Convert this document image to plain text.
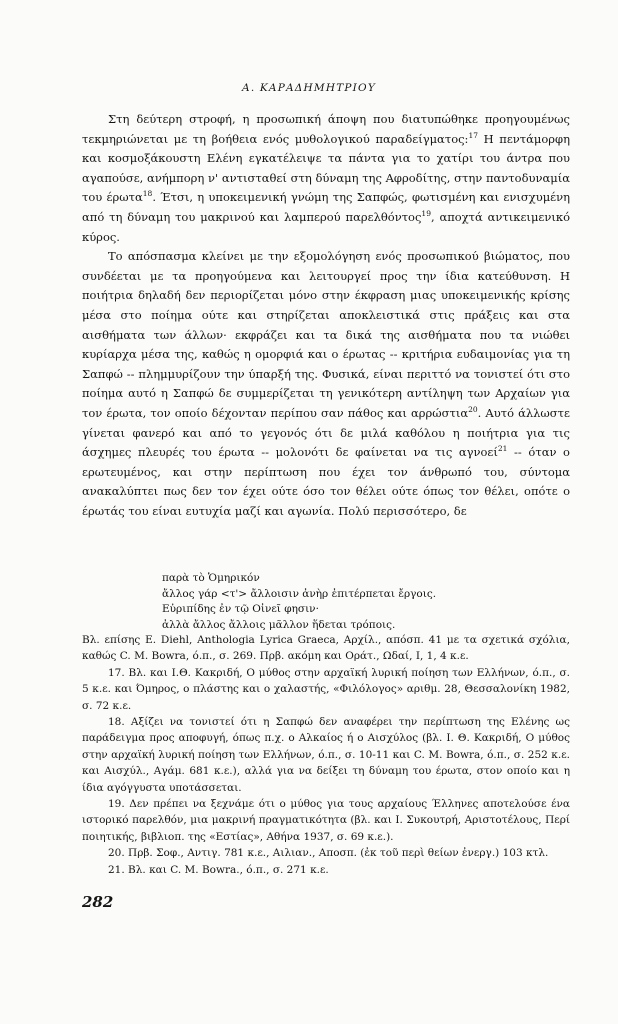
Α. ΚΑΡΑΔΗΜΗΤΡΙΟΥ

Στη δεύτερη στροφή, η προσωπική άποψη που διατυπώθηκε προηγουμένως τεκμηριώνεται με τη βοήθεια ενός μυθολογικού παραδείγματος:$^{17}$ Η πεντάμορφη και κοσμοξάκουστη Ελένη εγκατέλειψε τα πάντα για το χατίρι του άντρα που αγαπούσε, ανήμπορη ν' αντισταθεί στη δύναμη της Αφροδίτης, στην παντοδυναμία του έρωτα$^{18}$. Έτσι, η υποκειμενική γνώμη της Σαπφώς, φωτισμένη και ενισχυμένη από τη δύναμη του μακρινού και λαμπερού παρελθόντος$^{19}$, αποχτά αντικειμενικό κύρος.

Το απόσπασμα κλείνει με την εξομολόγηση ενός προσωπικού βιώματος, που συνδέεται με τα προηγούμενα και λειτουργεί προς την ίδια κατεύθυνση. Η ποιήτρια δηλαδή δεν περιορίζεται μόνο στην έκφραση μιας υποκειμενικής κρίσης μέσα στο ποίημα ούτε και στηρίζεται αποκλειστικά στις πράξεις και στα αισθήματα των άλλων· εκφράζει και τα δικά της αισθήματα που τα νιώθει κυρίαρχα μέσα της, καθώς η ομορφιά και ο έρωτας -- κριτήρια ευδαιμονίας για τη Σαπφώ -- πλημμυρίζουν την ύπαρξή της. Φυσικά, είναι περιττό να τονιστεί ότι στο ποίημα αυτό η Σαπφώ δε συμμερίζεται τη γενικότερη αντίληψη των Αρχαίων για τον έρωτα, τον οποίο δέχονταν περίπου σαν πάθος και αρρώστια$^{20}$. Αυτό άλλωστε γίνεται φανερό και από το γεγονός ότι δε μιλά καθόλου η ποιήτρια για τις άσχημες πλευρές του έρωτα -- μολονότι δε φαίνεται να τις αγνοεί$^{21}$ -- όταν ο ερωτευμένος, και στην περίπτωση που έχει τον άνθρωπό του, σύντομα ανακαλύπτει πως δεν τον έχει ούτε όσο τον θέλει ούτε όπως τον θέλει, οπότε ο έρωτάς του είναι ευτυχία μαζί και αγωνία. Πολύ περισσότερο, δε

παρὰ τὸ Ὁμηρικόν
ἄλλος γάρ <τ'> ἄλλοισιν ἀνὴρ ἐπιτέρπεται ἔργοις.
Εὐριπίδης ἐν τῷ Οἰνεῖ φησιν·
ἀλλὰ ἄλλος ἄλλοις μᾶλλον ἥδεται τρόποις.

Βλ. επίσης E. Diehl, Anthologia Lyrica Graeca, Αρχίλ., απόσπ. 41 με τα σχετικά σχόλια, καθώς C. M. Bowra, ό.π., σ. 269. Πρβ. ακόμη και Οράτ., Ωδαί, I, 1, 4 κ.ε.

17. Βλ. και Ι.Θ. Κακριδή, Ο μύθος στην αρχαϊκή λυρική ποίηση των Ελλήνων, ό.π., σ. 5 κ.ε. και Όμηρος, ο πλάστης και ο χαλαστής, «Φιλόλογος» αριθμ. 28, Θεσσαλονίκη 1982, σ. 72 κ.ε.

18. Αξίζει να τονιστεί ότι η Σαπφώ δεν αναφέρει την περίπτωση της Ελένης ως παράδειγμα προς αποφυγή, όπως π.χ. ο Αλκαίος ή ο Αισχύλος (βλ. Ι. Θ. Κακριδή, Ο μύθος στην αρχαϊκή λυρική ποίηση των Ελλήνων, ό.π., σ. 10-11 και C. M. Bowra, ό.π., σ. 252 κ.ε. και Αισχύλ., Αγάμ. 681 κ.ε.), αλλά για να δείξει τη δύναμη του έρωτα, στον οποίο και η ίδια αγόγγυστα υποτάσσεται.

19. Δεν πρέπει να ξεχνάμε ότι ο μύθος για τους αρχαίους Έλληνες αποτελούσε ένα ιστορικό παρελθόν, μια μακρινή πραγματικότητα (βλ. και Ι. Συκουτρή, Αριστοτέλους, Περί ποιητικής, βιβλιοπ. της «Εστίας», Αθήνα 1937, σ. 69 κ.ε.).

20. Πρβ. Σοφ., Αντιγ. 781 κ.ε., Αιλιαν., Αποσπ. (ἐκ τοῦ περὶ θείων ἐνεργ.) 103 κτλ.

21. Βλ. και C. M. Bowra., ό.π., σ. 271 κ.ε.

282
